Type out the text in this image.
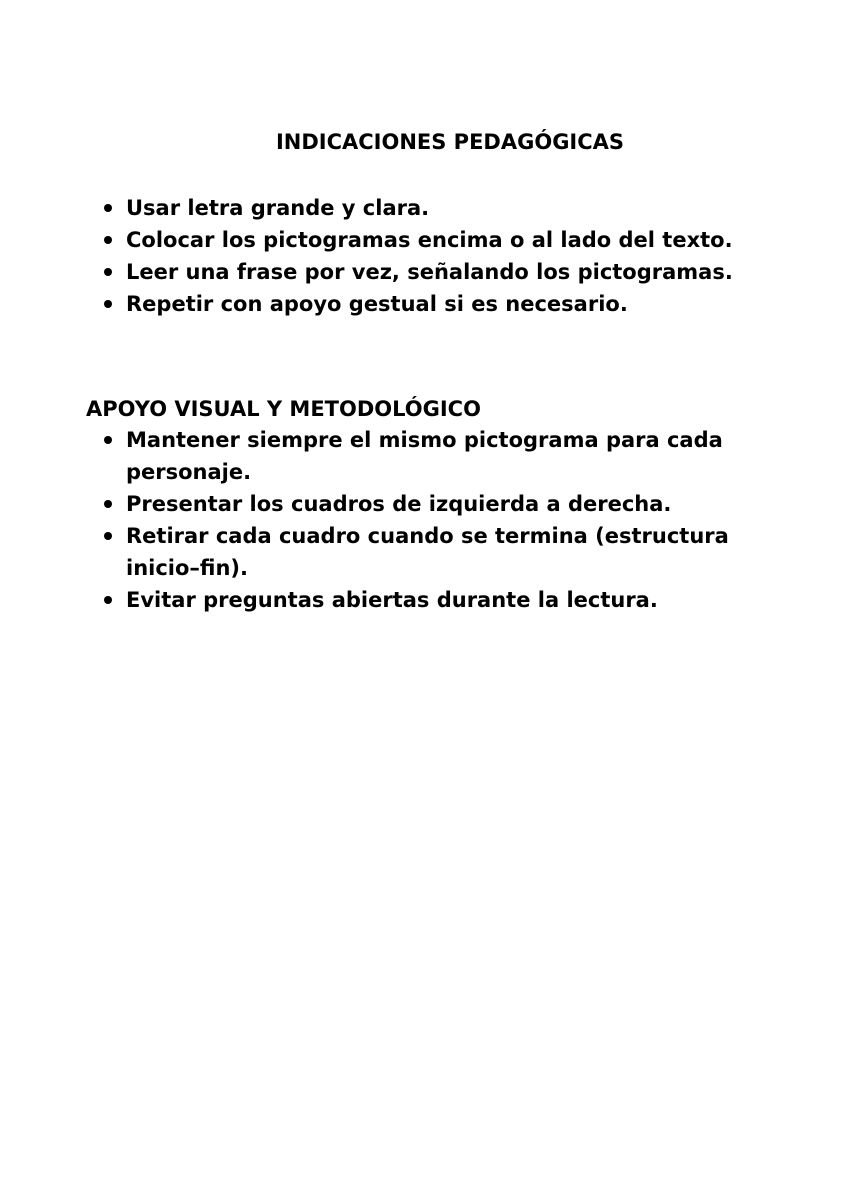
INDICACIONES PEDAGÓGICAS
Usar letra grande y clara.
Colocar los pictogramas encima o al lado del texto.
Leer una frase por vez, señalando los pictogramas.
Repetir con apoyo gestual si es necesario.
APOYO VISUAL Y METODOLÓGICO
Mantener siempre el mismo pictograma para cada personaje.
Presentar los cuadros de izquierda a derecha.
Retirar cada cuadro cuando se termina (estructura inicio–fin).
Evitar preguntas abiertas durante la lectura.
